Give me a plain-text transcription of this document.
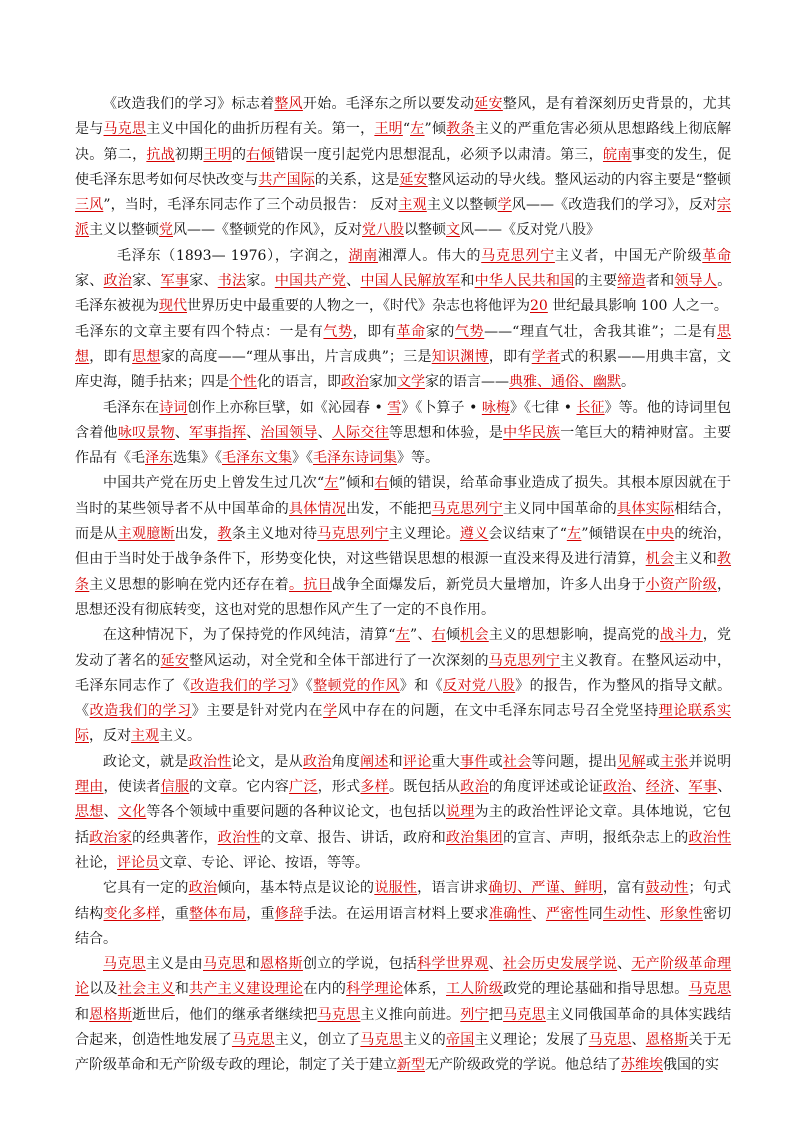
《改造我们的学习》标志着整风开始。毛泽东之所以要发动延安整风，是有着深刻历史背景的，尤其是与马克思主义中国化的曲折历程有关。第一，王明“左”倾教条主义的严重危害必须从思想路线上彻底解决。第二，抗战初期王明的右倾错误一度引起党内思想混乱，必须予以肃清。第三，皖南事变的发生，促使毛泽东思考如何尽快改变与共产国际的关系，这是延安整风运动的导火线。整风运动的内容主要是“整顿三风”，当时，毛泽东同志作了三个动员报告： 反对主观主义以整顿学风——《改造我们的学习》，反对宗派主义以整顿党风——《整顿党的作风》，反对党八股以整顿文风——《反对党八股》

毛泽东（1893— 1976），字润之，湖南湘潭人。伟大的马克思列宁主义者，中国无产阶级革命家、政治家、军事家、书法家。中国共产党、中国人民解放军和中华人民共和国的主要缔造者和领导人。毛泽东被视为现代世界历史中最重要的人物之一，《时代》杂志也将他评为20 世纪最具影响 100 人之一。

毛泽东的文章主要有四个特点：一是有气势，即有革命家的气势——“理直气壮，舍我其谁”；二是有思想，即有思想家的高度——“理从事出，片言成典”；三是知识渊博，即有学者式的积累——用典丰富，文库史海，随手拈来；四是个性化的语言，即政治家加文学家的语言——典雅、通俗、幽默。

毛泽东在诗词创作上亦称巨擘，如《沁园春 • 雪》《卜算子 • 咏梅》《七律 • 长征》等。他的诗词里包含着他咏叹景物、军事指挥、治国领导、人际交往等思想和体验，是中华民族一笔巨大的精神财富。主要作品有《毛泽东选集》《毛泽东文集》《毛泽东诗词集》等。

中国共产党在历史上曾发生过几次“左”倾和右倾的错误，给革命事业造成了损失。其根本原因就在于当时的某些领导者不从中国革命的具体情况出发，不能把马克思列宁主义同中国革命的具体实际相结合，而是从主观臆断出发，教条主义地对待马克思列宁主义理论。遵义会议结束了“左”倾错误在中央的统治，但由于当时处于战争条件下，形势变化快，对这些错误思想的根源一直没来得及进行清算，机会主义和教条主义思想的影响在党内还存在着。抗日战争全面爆发后，新党员大量增加，许多人出身于小资产阶级，思想还没有彻底转变，这也对党的思想作风产生了一定的不良作用。

在这种情况下，为了保持党的作风纯洁，清算“左”、右倾机会主义的思想影响，提高党的战斗力，党发动了著名的延安整风运动，对全党和全体干部进行了一次深刻的马克思列宁主义教育。在整风运动中，毛泽东同志作了《改造我们的学习》《整顿党的作风》和《反对党八股》的报告，作为整风的指导文献。《改造我们的学习》主要是针对党内在学风中存在的问题，在文中毛泽东同志号召全党坚持理论联系实际，反对主观主义。

政论文，就是政治性论文，是从政治角度阐述和评论重大事件或社会等问题，提出见解或主张并说明理由，使读者信服的文章。它内容广泛，形式多样。既包括从政治的角度评述或论证政治、经济、军事、思想、文化等各个领域中重要问题的各种议论文，也包括以说理为主的政治性评论文章。具体地说，它包括政治家的经典著作，政治性的文章、报告、讲话，政府和政治集团的宣言、声明，报纸杂志上的政治性社论，评论员文章、专论、评论、按语，等等。

它具有一定的政治倾向，基本特点是议论的说服性，语言讲求确切、严谨、鲜明，富有鼓动性；句式结构变化多样，重整体布局，重修辞手法。在运用语言材料上要求准确性、严密性同生动性、形象性密切结合。

马克思主义是由马克思和恩格斯创立的学说，包括科学世界观、社会历史发展学说、无产阶级革命理论以及社会主义和共产主义建设理论在内的科学理论体系，工人阶级政党的理论基础和指导思想。马克思和恩格斯逝世后，他们的继承者继续把马克思主义推向前进。列宁把马克思主义同俄国革命的具体实践结合起来，创造性地发展了马克思主义，创立了马克思主义的帝国主义理论；发展了马克思、恩格斯关于无产阶级革命和无产阶级专政的理论，制定了关于建立新型无产阶级政党的学说。他总结了苏维埃俄国的实
